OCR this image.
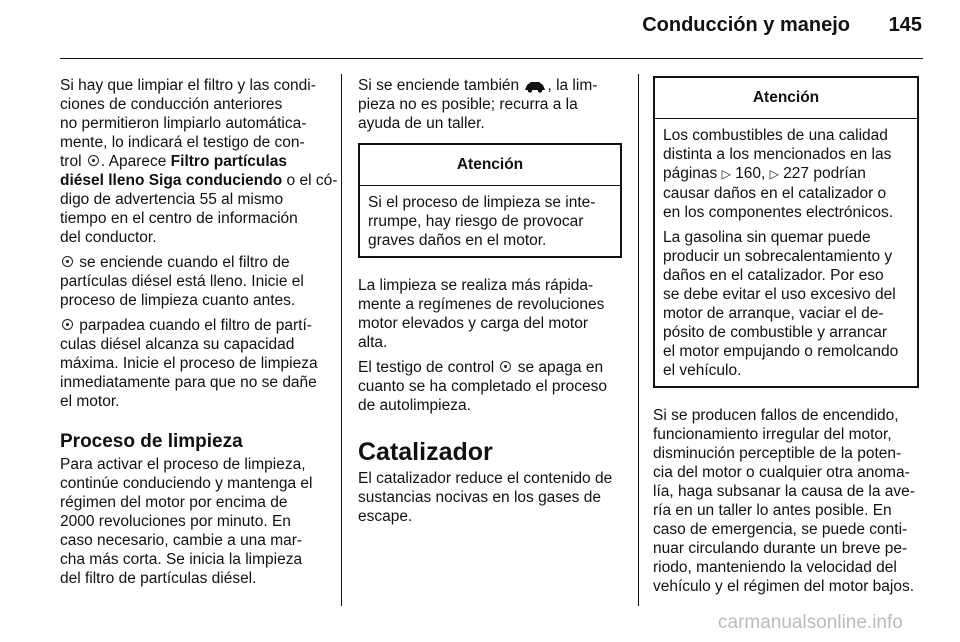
Conducción y manejo	145

Si hay que limpiar el filtro y las condi-
ciones de conducción anteriores
no permitieron limpiarlo automática-
mente, lo indicará el testigo de con-
trol . Aparece Filtro partículas
diésel lleno Siga conduciendo o el có-
digo de advertencia 55 al mismo
tiempo en el centro de información
del conductor.

se enciende cuando el filtro de
partículas diésel está lleno. Inicie el
proceso de limpieza cuanto antes.

parpadea cuando el filtro de partí-
culas diésel alcanza su capacidad
máxima. Inicie el proceso de limpieza
inmediatamente para que no se dañe
el motor.

Proceso de limpieza

Para activar el proceso de limpieza,
continúe conduciendo y mantenga el
régimen del motor por encima de
2000 revoluciones por minuto. En
caso necesario, cambie a una mar-
cha más corta. Se inicia la limpieza
del filtro de partículas diésel.

Si se enciende también , la lim-
pieza no es posible; recurra a la
ayuda de un taller.

Atención
Si el proceso de limpieza se inte-
rrumpe, hay riesgo de provocar
graves daños en el motor.

La limpieza se realiza más rápida-
mente a regímenes de revoluciones
motor elevados y carga del motor
alta.

El testigo de control  se apaga en
cuanto se ha completado el proceso
de autolimpieza.

Catalizador

El catalizador reduce el contenido de
sustancias nocivas en los gases de
escape.

Atención

Los combustibles de una calidad
distinta a los mencionados en las
páginas ▷ 160, ▷ 227 podrían
causar daños en el catalizador o
en los componentes electrónicos.

La gasolina sin quemar puede
producir un sobrecalentamiento y
daños en el catalizador. Por eso
se debe evitar el uso excesivo del
motor de arranque, vaciar el de-
pósito de combustible y arrancar
el motor empujando o remolcando
el vehículo.

Si se producen fallos de encendido,
funcionamiento irregular del motor,
disminución perceptible de la poten-
cia del motor o cualquier otra anoma-
lía, haga subsanar la causa de la ave-
ría en un taller lo antes posible. En
caso de emergencia, se puede conti-
nuar circulando durante un breve pe-
riodo, manteniendo la velocidad del
vehículo y el régimen del motor bajos.

carmanualsonline.info
